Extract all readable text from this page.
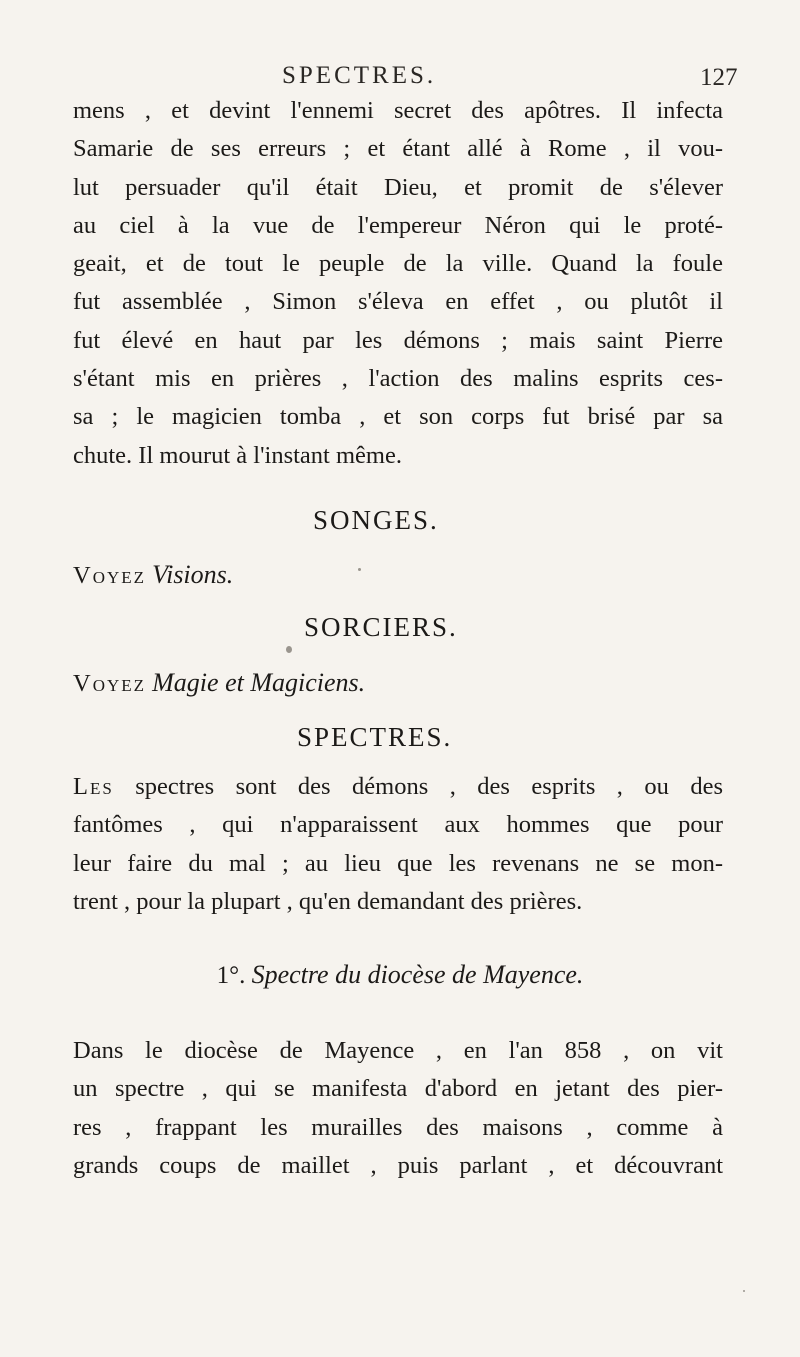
SPECTRES.	127
mens , et devint l'ennemi secret des apôtres. Il infecta
Samarie de ses erreurs ; et étant allé à Rome , il vou-
lut persuader qu'il était Dieu, et promit de s'élever
au ciel à la vue de l'empereur Néron qui le proté-
geait, et de tout le peuple de la ville. Quand la foule
fut assemblée , Simon s'éleva en effet , ou plutôt il
fut élevé en haut par les démons ; mais saint Pierre
s'étant mis en prières , l'action des malins esprits ces-
sa ; le magicien tomba , et son corps fut brisé par sa
chute. Il mourut à l'instant même.
SONGES.
Voyez Visions.
SORCIERS.
Voyez Magie et Magiciens.
SPECTRES.
Les spectres sont des démons , des esprits , ou des
fantômes , qui n'apparaissent aux hommes que pour
leur faire du mal ; au lieu que les revenans ne se mon-
trent , pour la plupart , qu'en demandant des prières.
1°. Spectre du diocèse de Mayence.
Dans le diocèse de Mayence , en l'an 858 , on vit
un spectre , qui se manifesta d'abord en jetant des pier-
res , frappant les murailles des maisons , comme à
grands coups de maillet , puis parlant , et découvrant
